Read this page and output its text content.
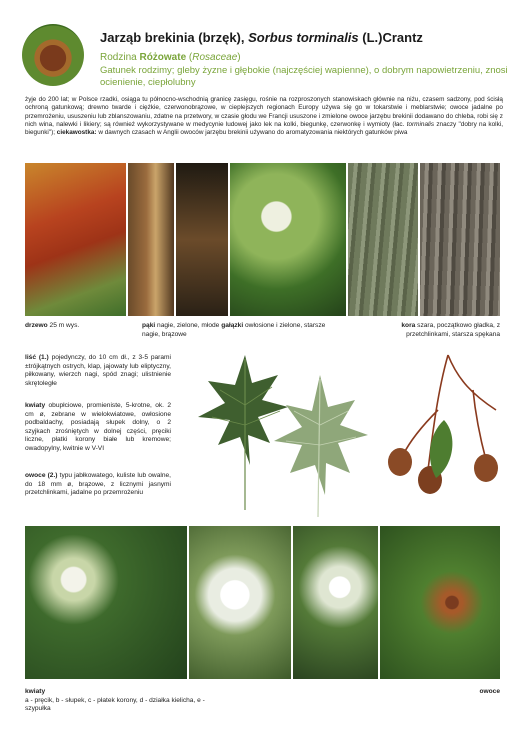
Jarząb brekinia (brzęk), Sorbus torminalis (L.)Crantz
Rodzina Różowate (Rosaceae)
Gatunek rodzimy; gleby żyzne i głębokie (najczęściej wapienne), o dobrym napowietrzeniu, znosi ocienienie, ciepłolubny
żyje do 200 lat; w Polsce rzadki, osiąga tu północno-wschodnią granicę zasięgu, rośnie na rozproszonych stanowiskach głównie na niżu, czasem sadzony, pod ścisłą ochroną gatunkową; drewno twarde i ciężkie, czerwonobrązowe, w cieplejszych regionach Europy używa się go w tokarstwie i meblarstwie; owoce jadalne po przemrożeniu, ususzeniu lub zblanszowaniu, zdatne na przetwory, w czasie głodu we Francji ususzone i zmielone owoce jarzębu brekinii dodawano do chleba, robi się z nich wina, nalewki i likiery; są również wykorzystywane w medycynie ludowej jako lek na kolki, biegunkę, czerwonkę i wymioty (łac. torminalis znaczy "dobry na kolki, biegunki"); ciekawostka: w dawnych czasach w Anglii owoców jarzębu brekinii używano do aromatyzowania niektórych gatunków piwa
drzewo 25 m wys.	pąki nagie, zielone, młode gałązki owłosione i zielone, starsze nagie, brązowe
kora szara, początkowo gładka, z przetchlinkami, starsza spękana
liść (1.) pojedynczy, do 10 cm dł., z 3-5 parami ±trójkątnych ostrych, klap, jajowaty lub eliptyczny, piłkowany, wierzch nagi, spód znagi; ulistnienie skrętoległe
kwiaty obupłciowe, promieniste, 5-krotne, ok. 2 cm ø, zebrane w wielokwiatowe, owłosione podbaldachy, posiadają słupek dolny, o 2 szyjkach zrośniętych w dolnej części, pręciki liczne, płatki korony białe lub kremowe; owadopylny, kwitnie w V-VI
owoce (2.) typu jabłkowatego, kuliste lub owalne, do 18 mm ø, brązowe, z licznymi jasnymi przetchlinkami, jadalne po przemrożeniu
kwiaty
a - pręcik, b - słupek, c - płatek korony, d - działka kielicha, e - szypułka
owoce
